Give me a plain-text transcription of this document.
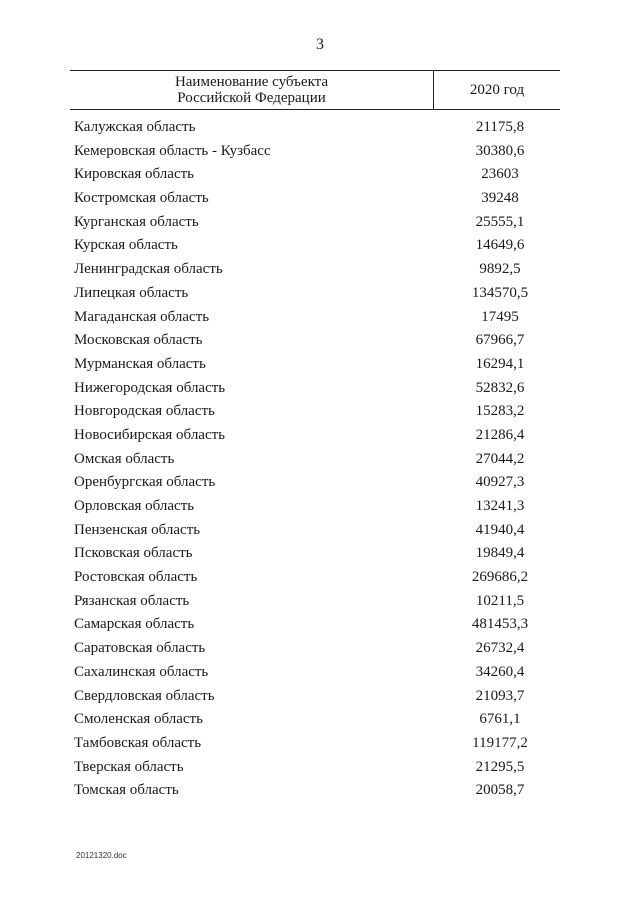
3
Наименование субъекта
Российской Федерации	2020 год
Калужская область	21175,8
Кемеровская область - Кузбасс	30380,6
Кировская область	23603
Костромская область	39248
Курганская область	25555,1
Курская область	14649,6
Ленинградская область	9892,5
Липецкая область	134570,5
Магаданская область	17495
Московская область	67966,7
Мурманская область	16294,1
Нижегородская область	52832,6
Новгородская область	15283,2
Новосибирская область	21286,4
Омская область	27044,2
Оренбургская область	40927,3
Орловская область	13241,3
Пензенская область	41940,4
Псковская область	19849,4
Ростовская область	269686,2
Рязанская область	10211,5
Самарская область	481453,3
Саратовская область	26732,4
Сахалинская область	34260,4
Свердловская область	21093,7
Смоленская область	6761,1
Тамбовская область	119177,2
Тверская область	21295,5
Томская область	20058,7
20121320.doc
